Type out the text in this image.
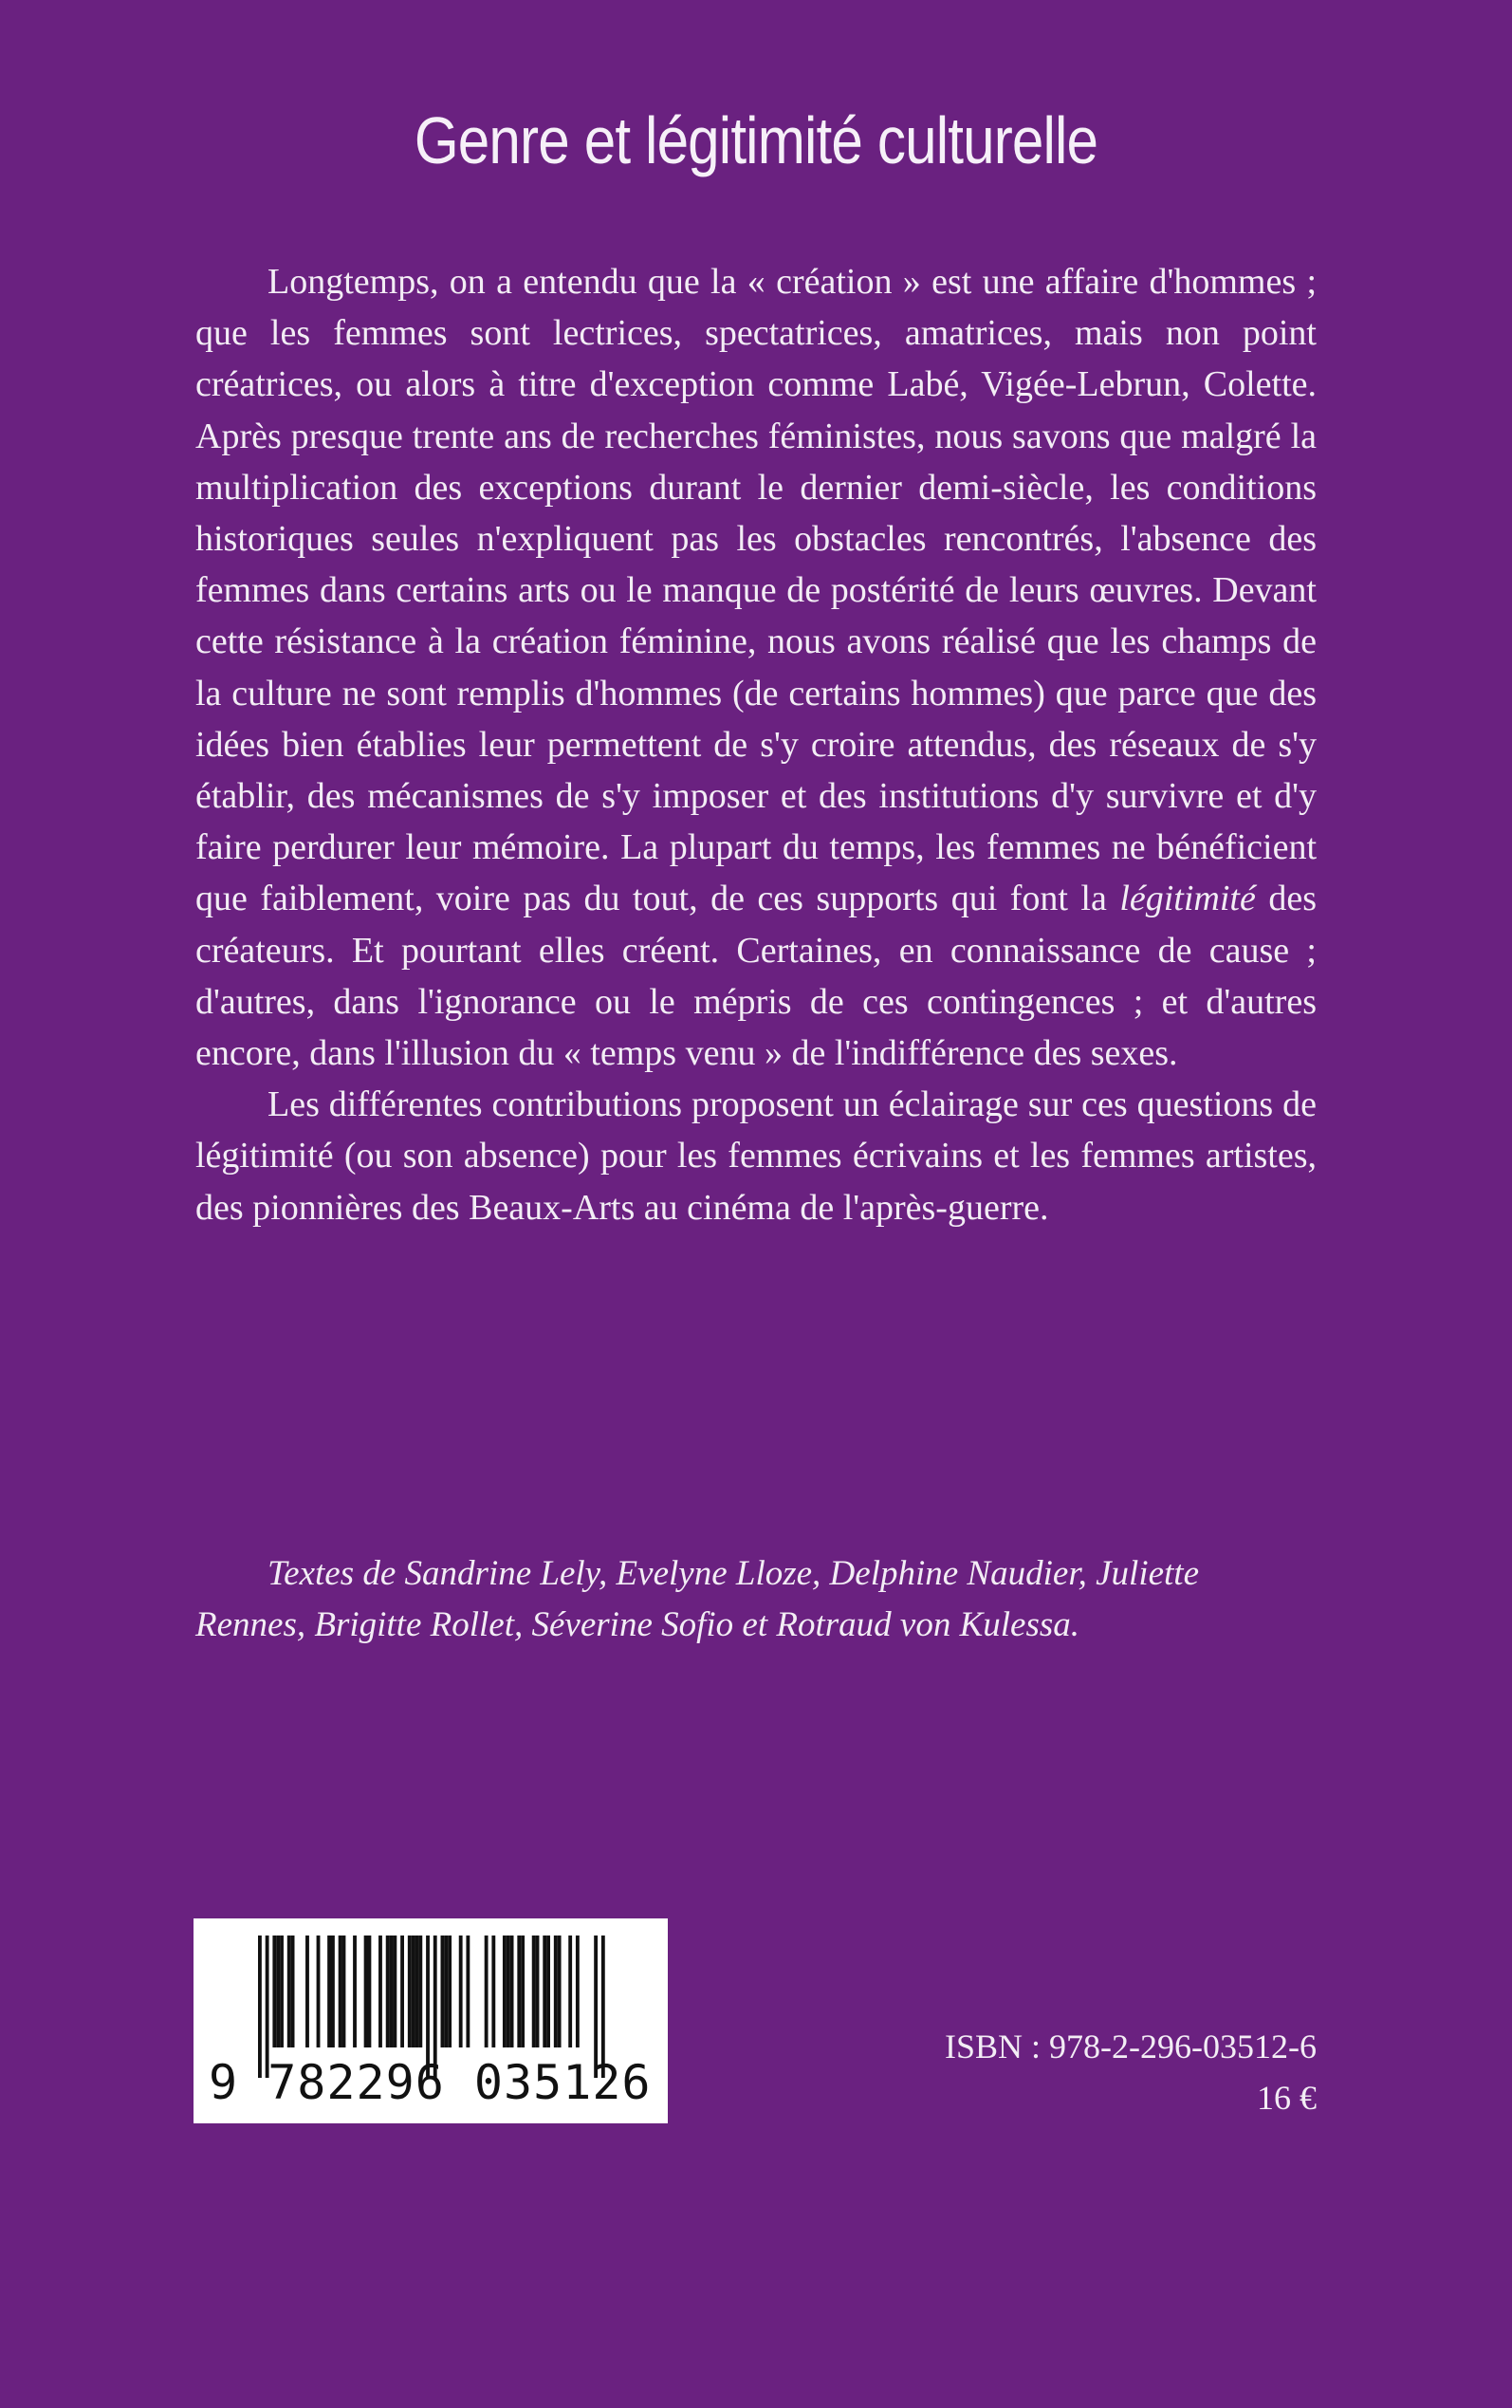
Genre et légitimité culturelle

Longtemps, on a entendu que la « création » est une affaire d'hommes ; que les femmes sont lectrices, spectatrices, amatrices, mais non point créatrices, ou alors à titre d'exception comme Labé, Vigée-Lebrun, Colette. Après presque trente ans de recherches féministes, nous savons que malgré la multiplication des exceptions durant le dernier demi-siècle, les conditions historiques seules n'expliquent pas les obstacles rencontrés, l'absence des femmes dans certains arts ou le manque de postérité de leurs œuvres. Devant cette résistance à la création féminine, nous avons réalisé que les champs de la culture ne sont remplis d'hommes (de certains hommes) que parce que des idées bien établies leur permettent de s'y croire attendus, des réseaux de s'y établir, des mécanismes de s'y imposer et des institutions d'y survivre et d'y faire perdurer leur mémoire. La plupart du temps, les femmes ne bénéficient que faiblement, voire pas du tout, de ces supports qui font la légitimité des créateurs. Et pourtant elles créent. Certaines, en connaissance de cause ; d'autres, dans l'ignorance ou le mépris de ces contingences ; et d'autres encore, dans l'illusion du « temps venu » de l'indifférence des sexes.

Les différentes contributions proposent un éclairage sur ces questions de légitimité (ou son absence) pour les femmes écrivains et les femmes artistes, des pionnières des Beaux-Arts au cinéma de l'après-guerre.

Textes de Sandrine Lely, Evelyne Lloze, Delphine Naudier, Juliette Rennes, Brigitte Rollet, Séverine Sofio et Rotraud von Kulessa.
9 782296 035126
ISBN : 978-2-296-03512-6
16 €
